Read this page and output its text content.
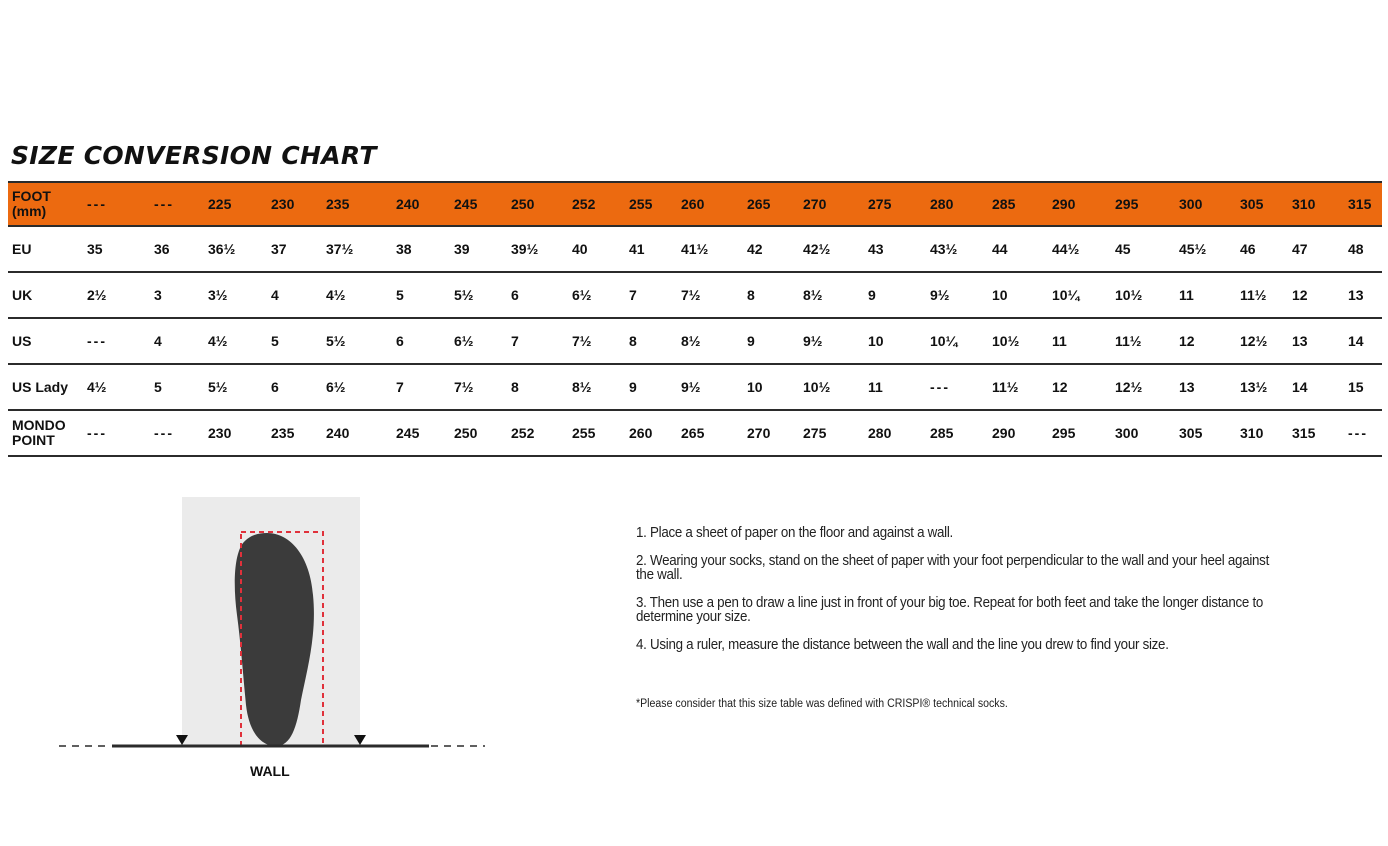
SIZE CONVERSION CHART
FOOT
(mm)	---	---	225	230	235	240	245	250	252	255	260	265	270	275	280	285	290	295	300	305	310	315
EU	35	36	36½	37	37½	38	39	39½	40	41	41½	42	42½	43	43½	44	44½	45	45½	46	47	48
UK	2½	3	3½	4	4½	5	5½	6	6½	7	7½	8	8½	9	9½	10	10¼	10½	11	11½	12	13
US	---	4	4½	5	5½	6	6½	7	7½	8	8½	9	9½	10	10¼	10½	11	11½	12	12½	13	14
US Lady	4½	5	5½	6	6½	7	7½	8	8½	9	9½	10	10½	11	---	11½	12	12½	13	13½	14	15
MONDO
POINT	---	---	230	235	240	245	250	252	255	260	265	270	275	280	285	290	295	300	305	310	315	---
WALL

1. Place a sheet of paper on the floor and against a wall.

2. Wearing your socks, stand on the sheet of paper with your foot perpendicular to the wall and your heel against the wall.

3. Then use a pen to draw a line just in front of your big toe. Repeat for both feet and take the longer distance to determine your size.

4. Using a ruler, measure the distance between the wall and the line you drew to find your size.

*Please consider that this size table was defined with CRISPI® technical socks.
